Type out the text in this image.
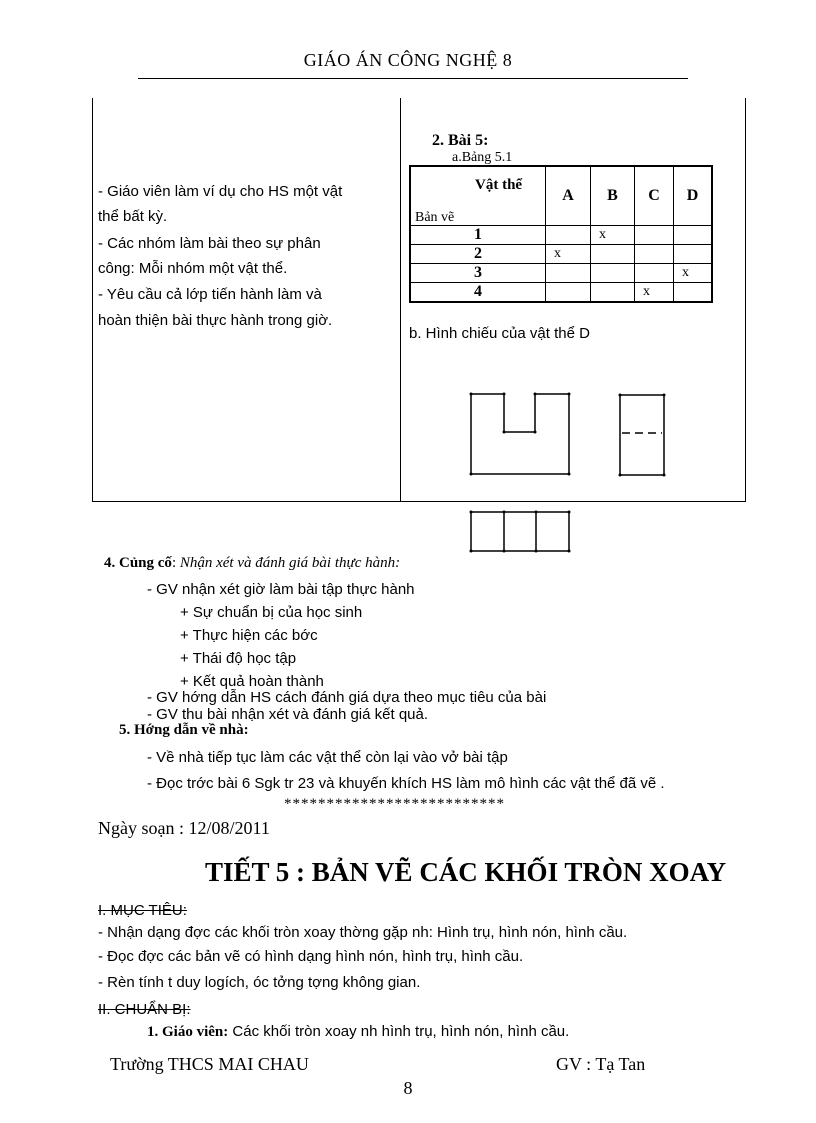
GIÁO ÁN CÔNG NGHỆ 8
- Giáo viên làm ví dụ cho HS một vật
thể bất kỳ.
- Các nhóm làm bài theo sự phân
công: Mỗi nhóm một vật thể.
- Yêu cầu cả lớp tiến hành làm và
hoàn thiện bài thực hành trong giờ.
2. Bài 5:
a.Bảng 5.1
Vật thể
Bản vẽ	A	B	C	D
1		x		

2	x			

3				x

4			x	

b. Hình chiếu của vật thể D
4. Củng cố: Nhận xét và đánh giá bài thực hành:
- GV nhận xét giờ làm bài tập thực hành
+ Sự chuẩn bị của học sinh
+ Thực hiện các bớc
+ Thái độ học tập
+ Kết quả hoàn thành
- GV hớng dẫn HS cách đánh giá dựa theo mục tiêu của bài
- GV thu bài nhận xét và đánh giá kết quả.
5. Hớng dẫn về nhà:
- Về nhà tiếp tục làm các vật thể còn lại vào vở bài tập
- Đọc trớc bài 6 Sgk tr 23 và khuyến khích HS làm mô hình các vật thể đã vẽ .
**************************
Ngày soạn : 12/08/2011
TIẾT 5 : BẢN VẼ CÁC KHỐI TRÒN XOAY
I. MỤC TIÊU:
- Nhận dạng đợc các khối tròn xoay thờng gặp nh: Hình trụ, hình nón, hình cầu.
- Đọc đợc các bản vẽ có hình dạng hình nón, hình trụ, hình cầu.
- Rèn tính t duy logích, óc tởng tợng không gian.
II. CHUẨN BỊ:
1. Giáo viên: Các khối tròn xoay nh hình trụ, hình nón, hình cầu.
Trường THCS MAI CHAU	GV : Tạ Tan
8
